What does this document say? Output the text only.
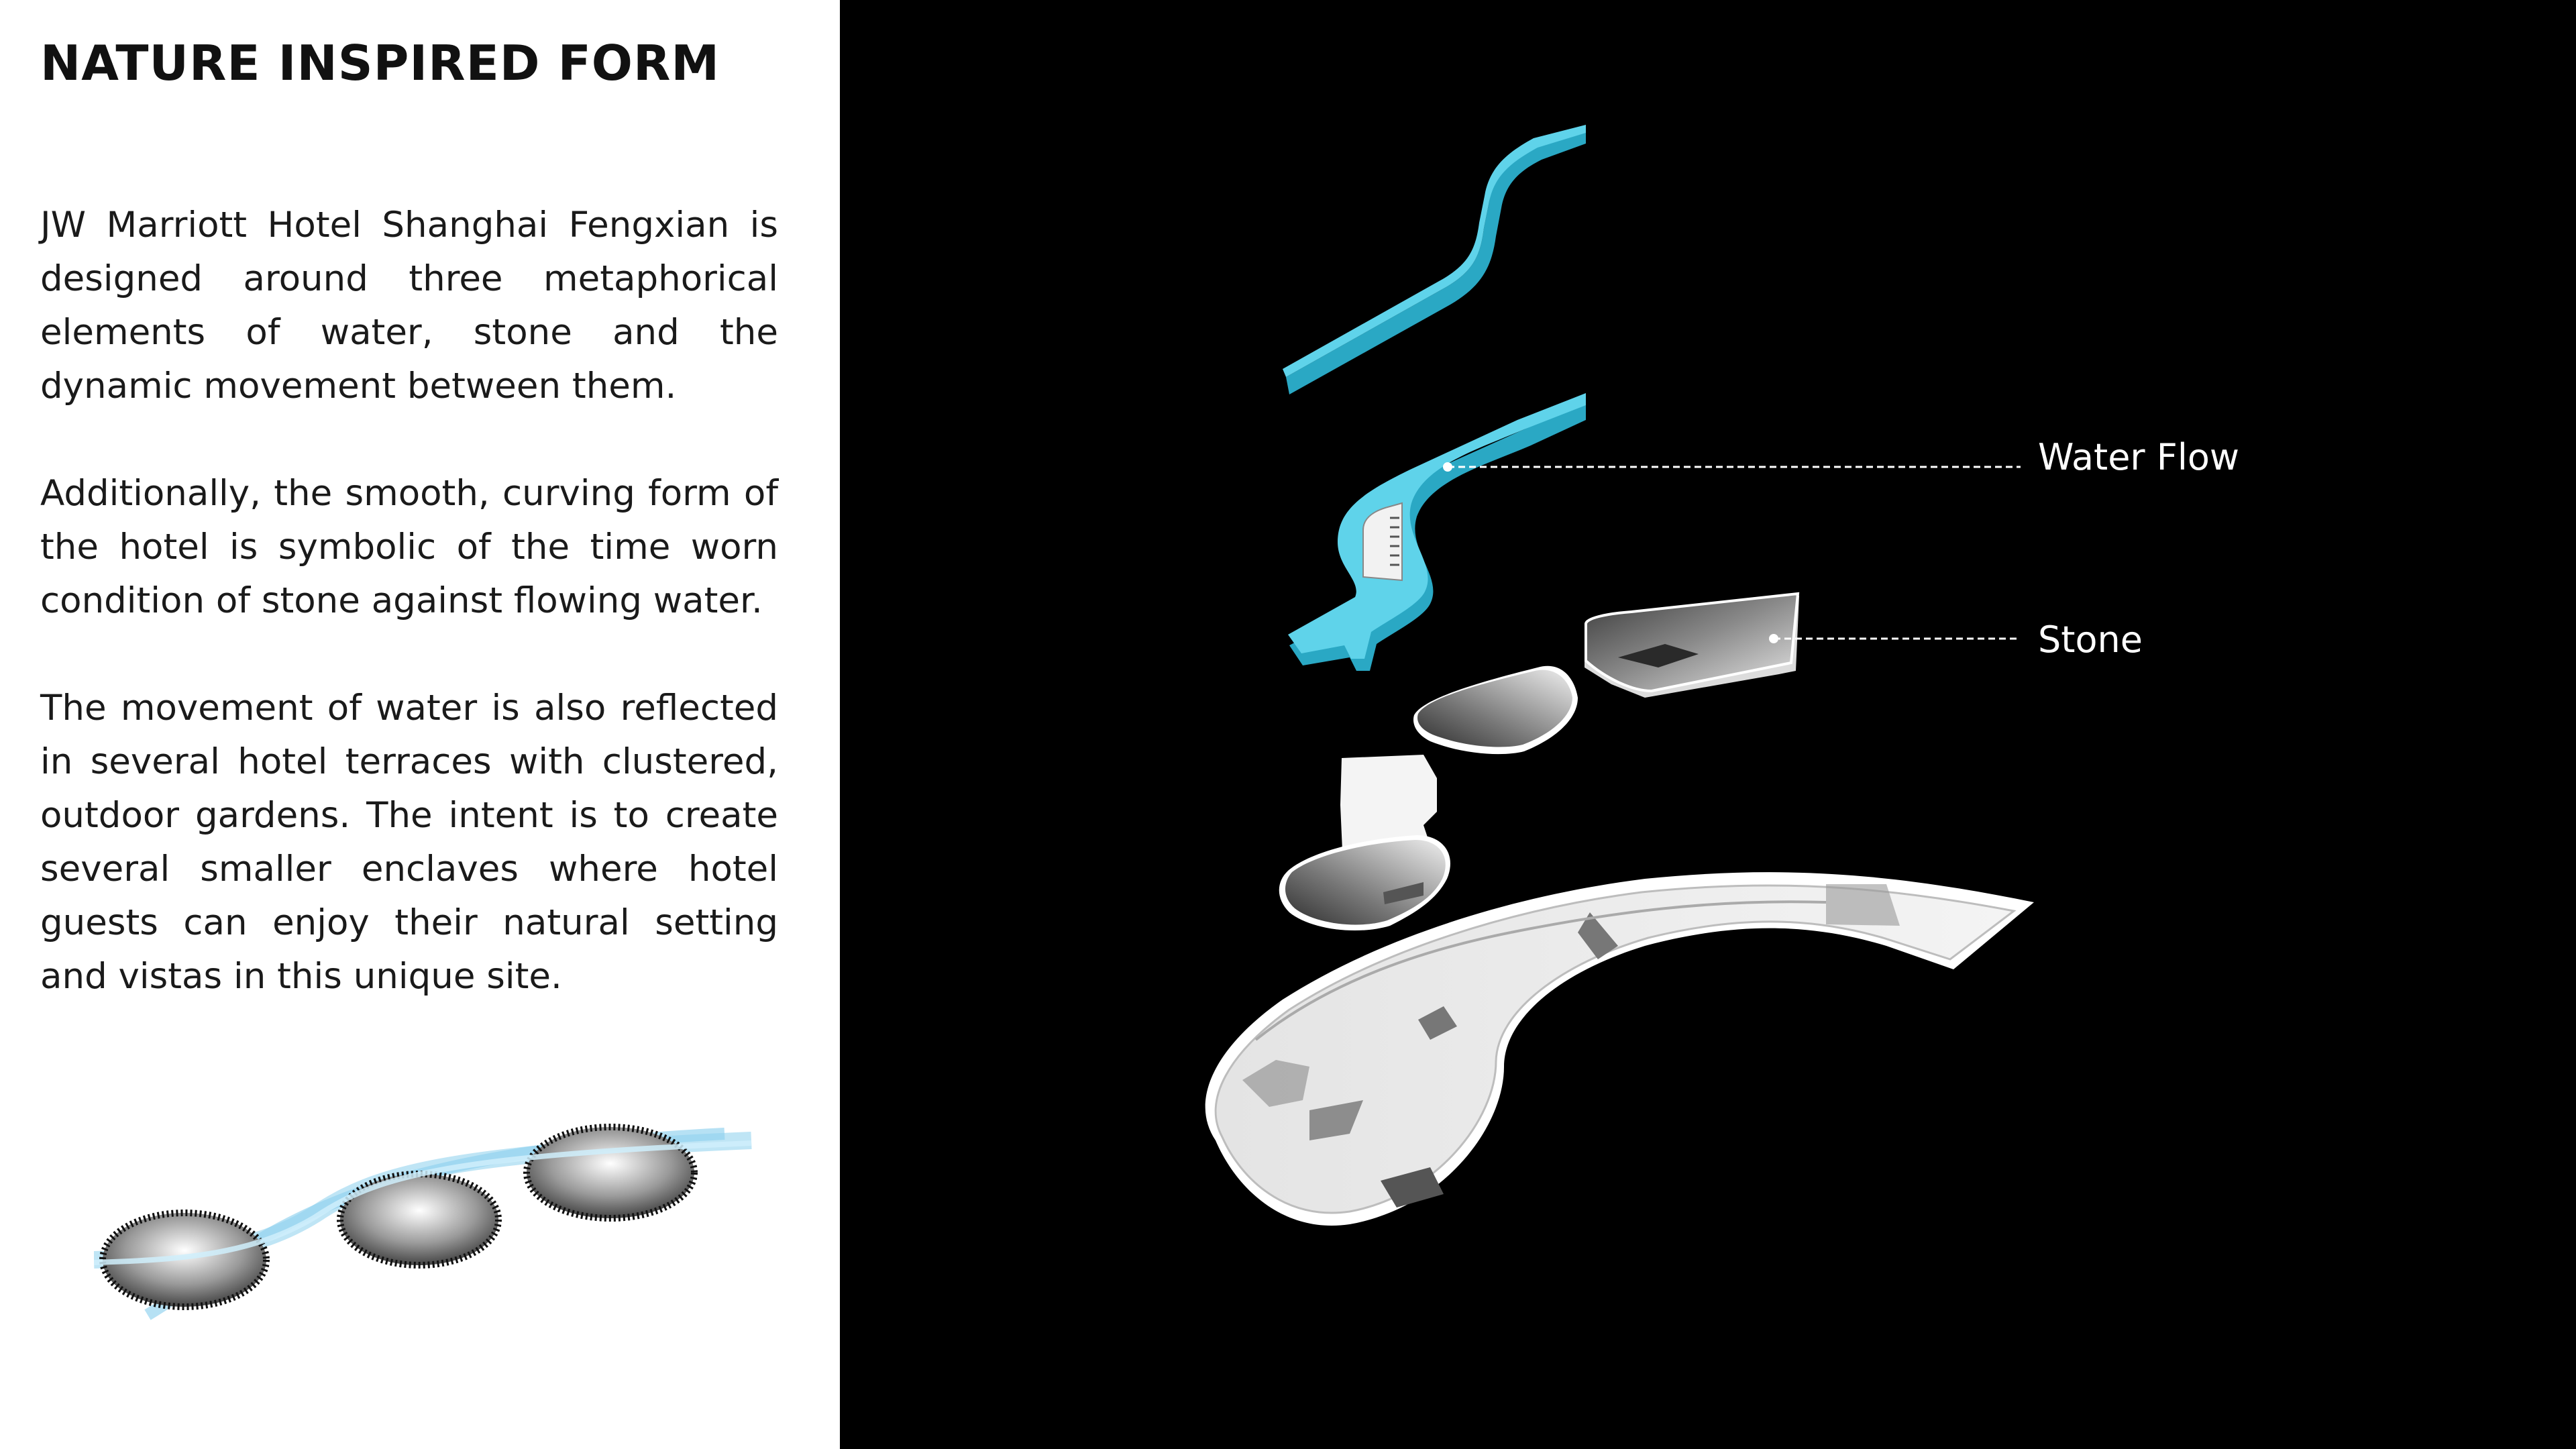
NATURE INSPIRED FORM

JW Marriott Hotel Shanghai Fengxian is designed around three metaphorical elements of water, stone and the dynamic movement between them.

Additionally, the smooth, curving form of the hotel is symbolic of the time worn condition of stone against flowing water.

The movement of water is also reflected in several hotel terraces with clustered, outdoor gardens. The intent is to create several smaller enclaves where hotel guests can enjoy their natural setting and vistas in this unique site.

Water Flow

Stone
